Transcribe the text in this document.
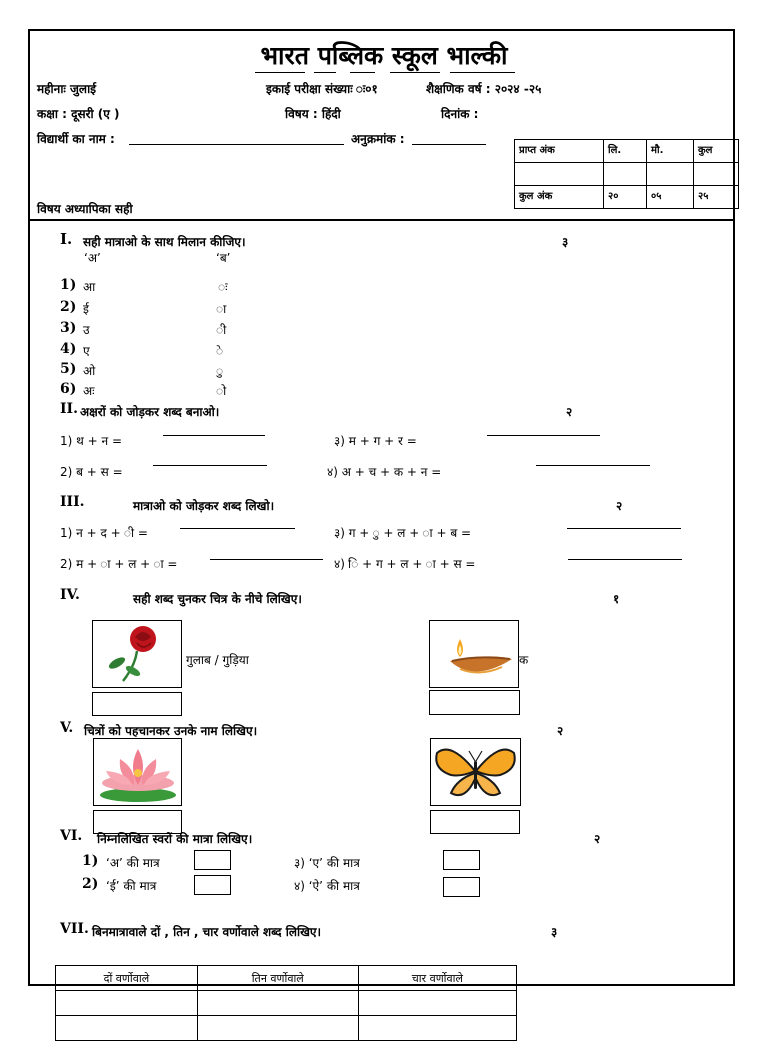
भारत पब्लिक स्कूल भाल्की
महीनाः जुलाई	इकाई परीक्षा संख्याः ः०१	शैक्षणिक वर्ष : २०२४ -२५
कक्षा : दूसरी (ए )	विषय : हिंदी	दिनांक :
विद्यार्थी का नाम :	अनुक्रमांक :
प्राप्त अंक	लि.	मौ.	कुल

कुल अंक	२०	०५	२५
विषय अध्यापिका सही
I. सही मात्राओ के साथ मिलान कीजिए।	३
‘अ’	‘ब’
1) आ	ः
2) ई	ा
3) उ	ी
4) ए	े
5) ओ	ु
6) अः	ो
II. अक्षरों को जोड़कर शब्द बनाओ।	२
1) थ + न =	३) म + ग + र =
2) ब + स =	४) अ + च + क + न =
III.	मात्राओ को जोड़कर शब्द लिखो।	२
1) न + द + ी =	३) ग + ु + ल + ा + ब =
2) म + ा + ल + ा =	४) ि + ग + ल + ा + स =
IV.	सही शब्द चुनकर चित्र के नीचे लिखिए।	१
गुलाब / गुड़िया	क
V. चित्रों को पहचानकर उनके नाम लिखिए।	२
VI. निम्नलिखित स्वरों की मात्रा लिखिए।	२
1) ‘अ’ की मात्र	३) ‘ए’ की मात्र
2) ‘ई’ की मात्र	४) ‘ऐ’ की मात्र
VII. बिनमात्रावाले दों , तिन , चार वर्णोवाले शब्द लिखिए।	३
दों वर्णोवाले	तिन वर्णोवाले	चार वर्णोवाले
